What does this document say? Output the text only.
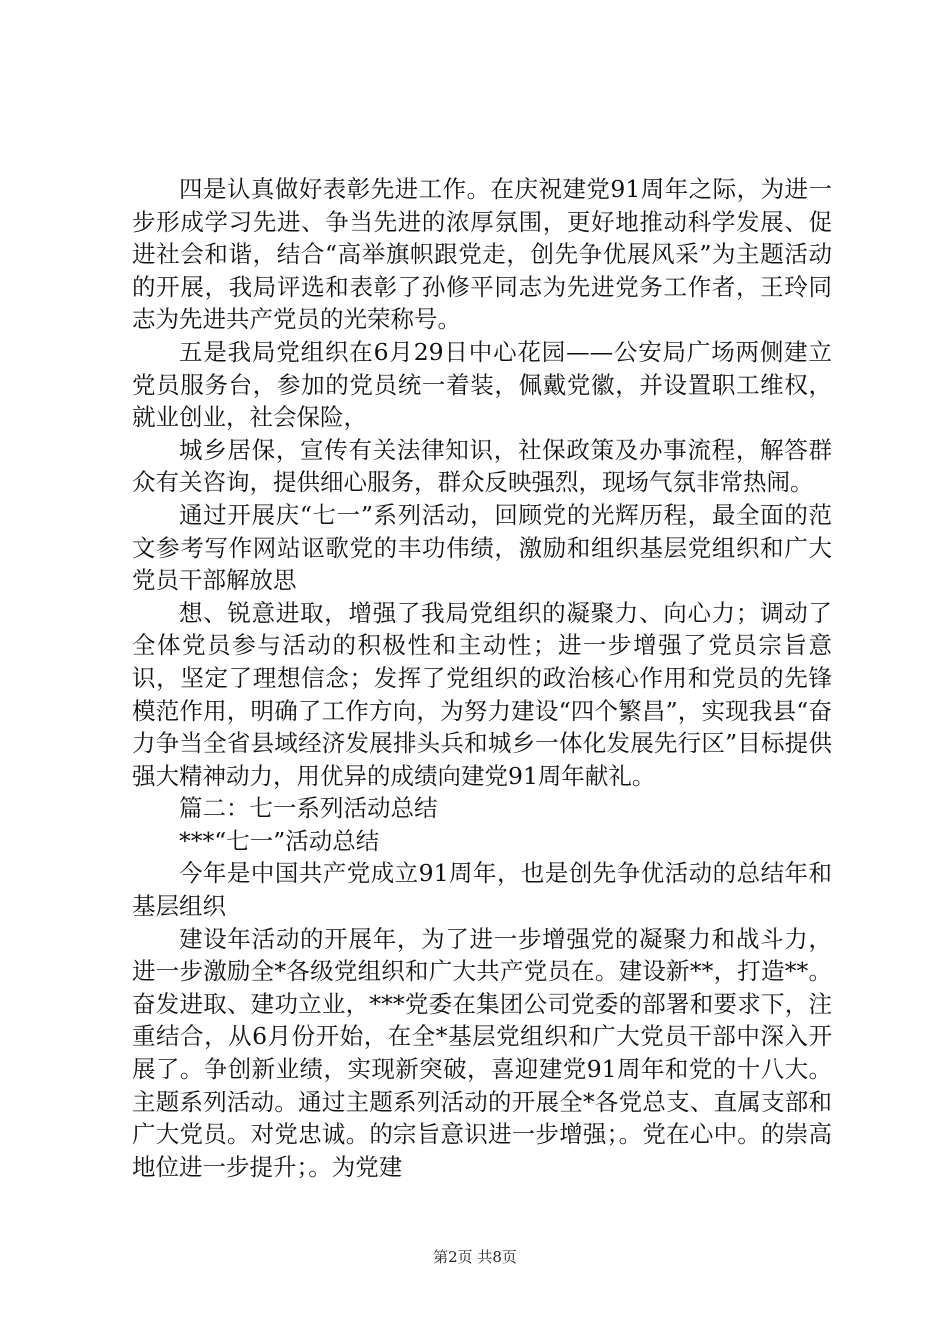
四是认真做好表彰先进工作。在庆祝建党91周年之际，为进一步形成学习先进、争当先进的浓厚氛围，更好地推动科学发展、促进社会和谐，结合“高举旗帜跟党走，创先争优展风采”为主题活动的开展，我局评选和表彰了孙修平同志为先进党务工作者，王玲同志为先进共产党员的光荣称号。

五是我局党组织在6月29日中心花园——公安局广场两侧建立党员服务台，参加的党员统一着装，佩戴党徽，并设置职工维权，就业创业，社会保险，

城乡居保，宣传有关法律知识，社保政策及办事流程，解答群众有关咨询，提供细心服务，群众反映强烈，现场气氛非常热闹。

通过开展庆“七一”系列活动，回顾党的光辉历程，最全面的范文参考写作网站讴歌党的丰功伟绩，激励和组织基层党组织和广大党员干部解放思

想、锐意进取，增强了我局党组织的凝聚力、向心力；调动了全体党员参与活动的积极性和主动性；进一步增强了党员宗旨意识，坚定了理想信念；发挥了党组织的政治核心作用和党员的先锋模范作用，明确了工作方向，为努力建设“四个繁昌”，实现我县“奋力争当全省县域经济发展排头兵和城乡一体化发展先行区”目标提供强大精神动力，用优异的成绩向建党91周年献礼。

篇二：七一系列活动总结

***“七一”活动总结

今年是中国共产党成立91周年，也是创先争优活动的总结年和基层组织

建设年活动的开展年，为了进一步增强党的凝聚力和战斗力，进一步激励全*各级党组织和广大共产党员在。建设新**，打造**。奋发进取、建功立业，***党委在集团公司党委的部署和要求下，注重结合，从6月份开始，在全*基层党组织和广大党员干部中深入开展了。争创新业绩，实现新突破，喜迎建党91周年和党的十八大。主题系列活动。通过主题系列活动的开展全*各党总支、直属支部和广大党员。对党忠诚。的宗旨意识进一步增强；。党在心中。的崇高地位进一步提升；。为党建

第2页 共8页
